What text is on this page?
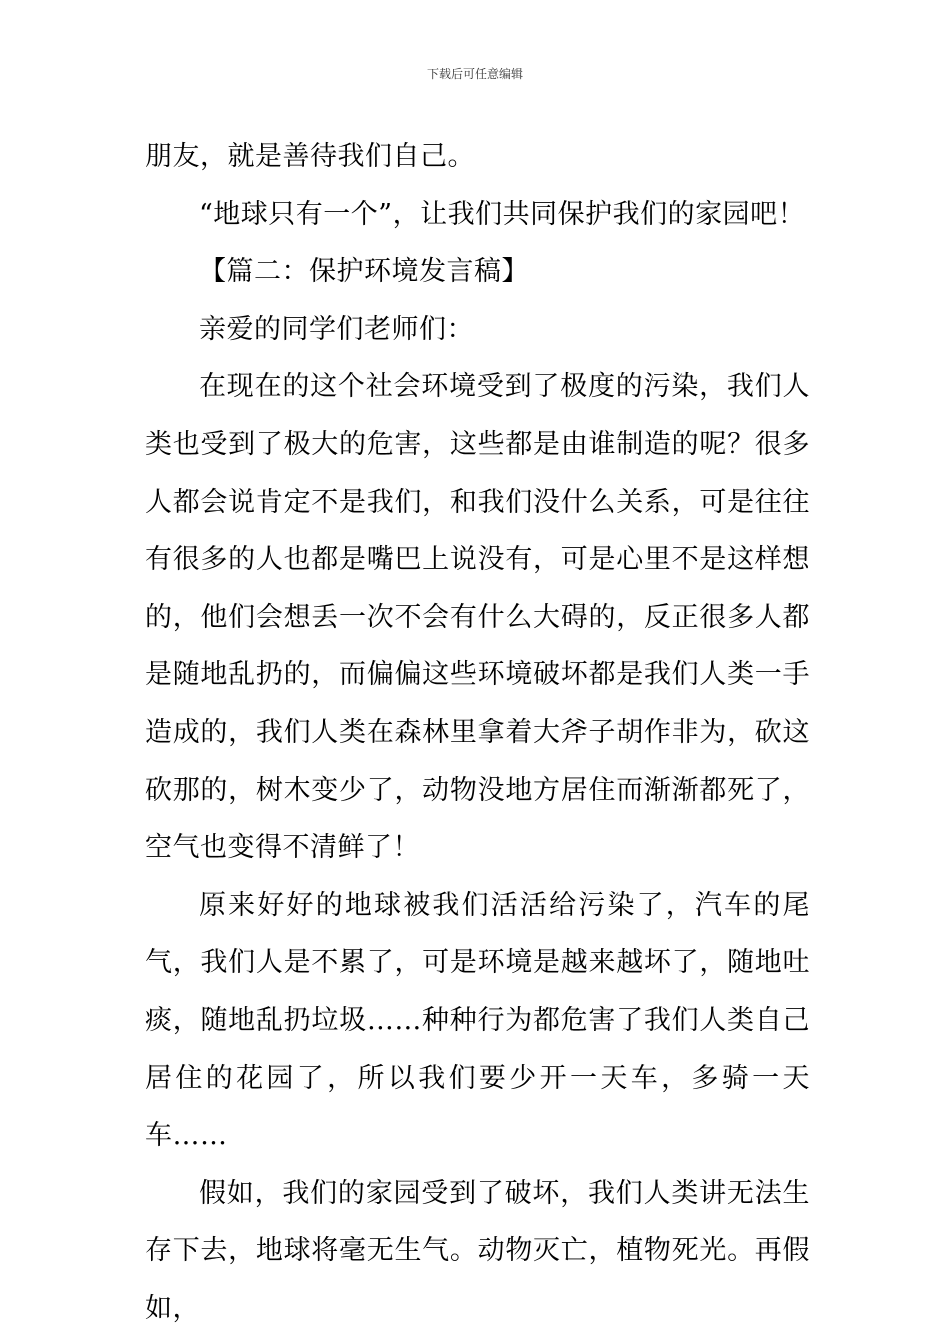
下载后可任意编辑

朋友，就是善待我们自己。

“地球只有一个”，让我们共同保护我们的家园吧！

【篇二：保护环境发言稿】

亲爱的同学们老师们：

在现在的这个社会环境受到了极度的污染，我们人类也受到了极大的危害，这些都是由谁制造的呢？很多人都会说肯定不是我们，和我们没什么关系，可是往往有很多的人也都是嘴巴上说没有，可是心里不是这样想的，他们会想丢一次不会有什么大碍的，反正很多人都是随地乱扔的，而偏偏这些环境破坏都是我们人类一手造成的，我们人类在森林里拿着大斧子胡作非为，砍这砍那的，树木变少了，动物没地方居住而渐渐都死了，空气也变得不清鲜了！

原来好好的地球被我们活活给污染了，汽车的尾气，我们人是不累了，可是环境是越来越坏了，随地吐痰，随地乱扔垃圾……种种行为都危害了我们人类自己居住的花园了，所以我们要少开一天车，多骑一天车……

假如，我们的家园受到了破坏，我们人类讲无法生存下去，地球将毫无生气。动物灭亡，植物死光。再假如，
